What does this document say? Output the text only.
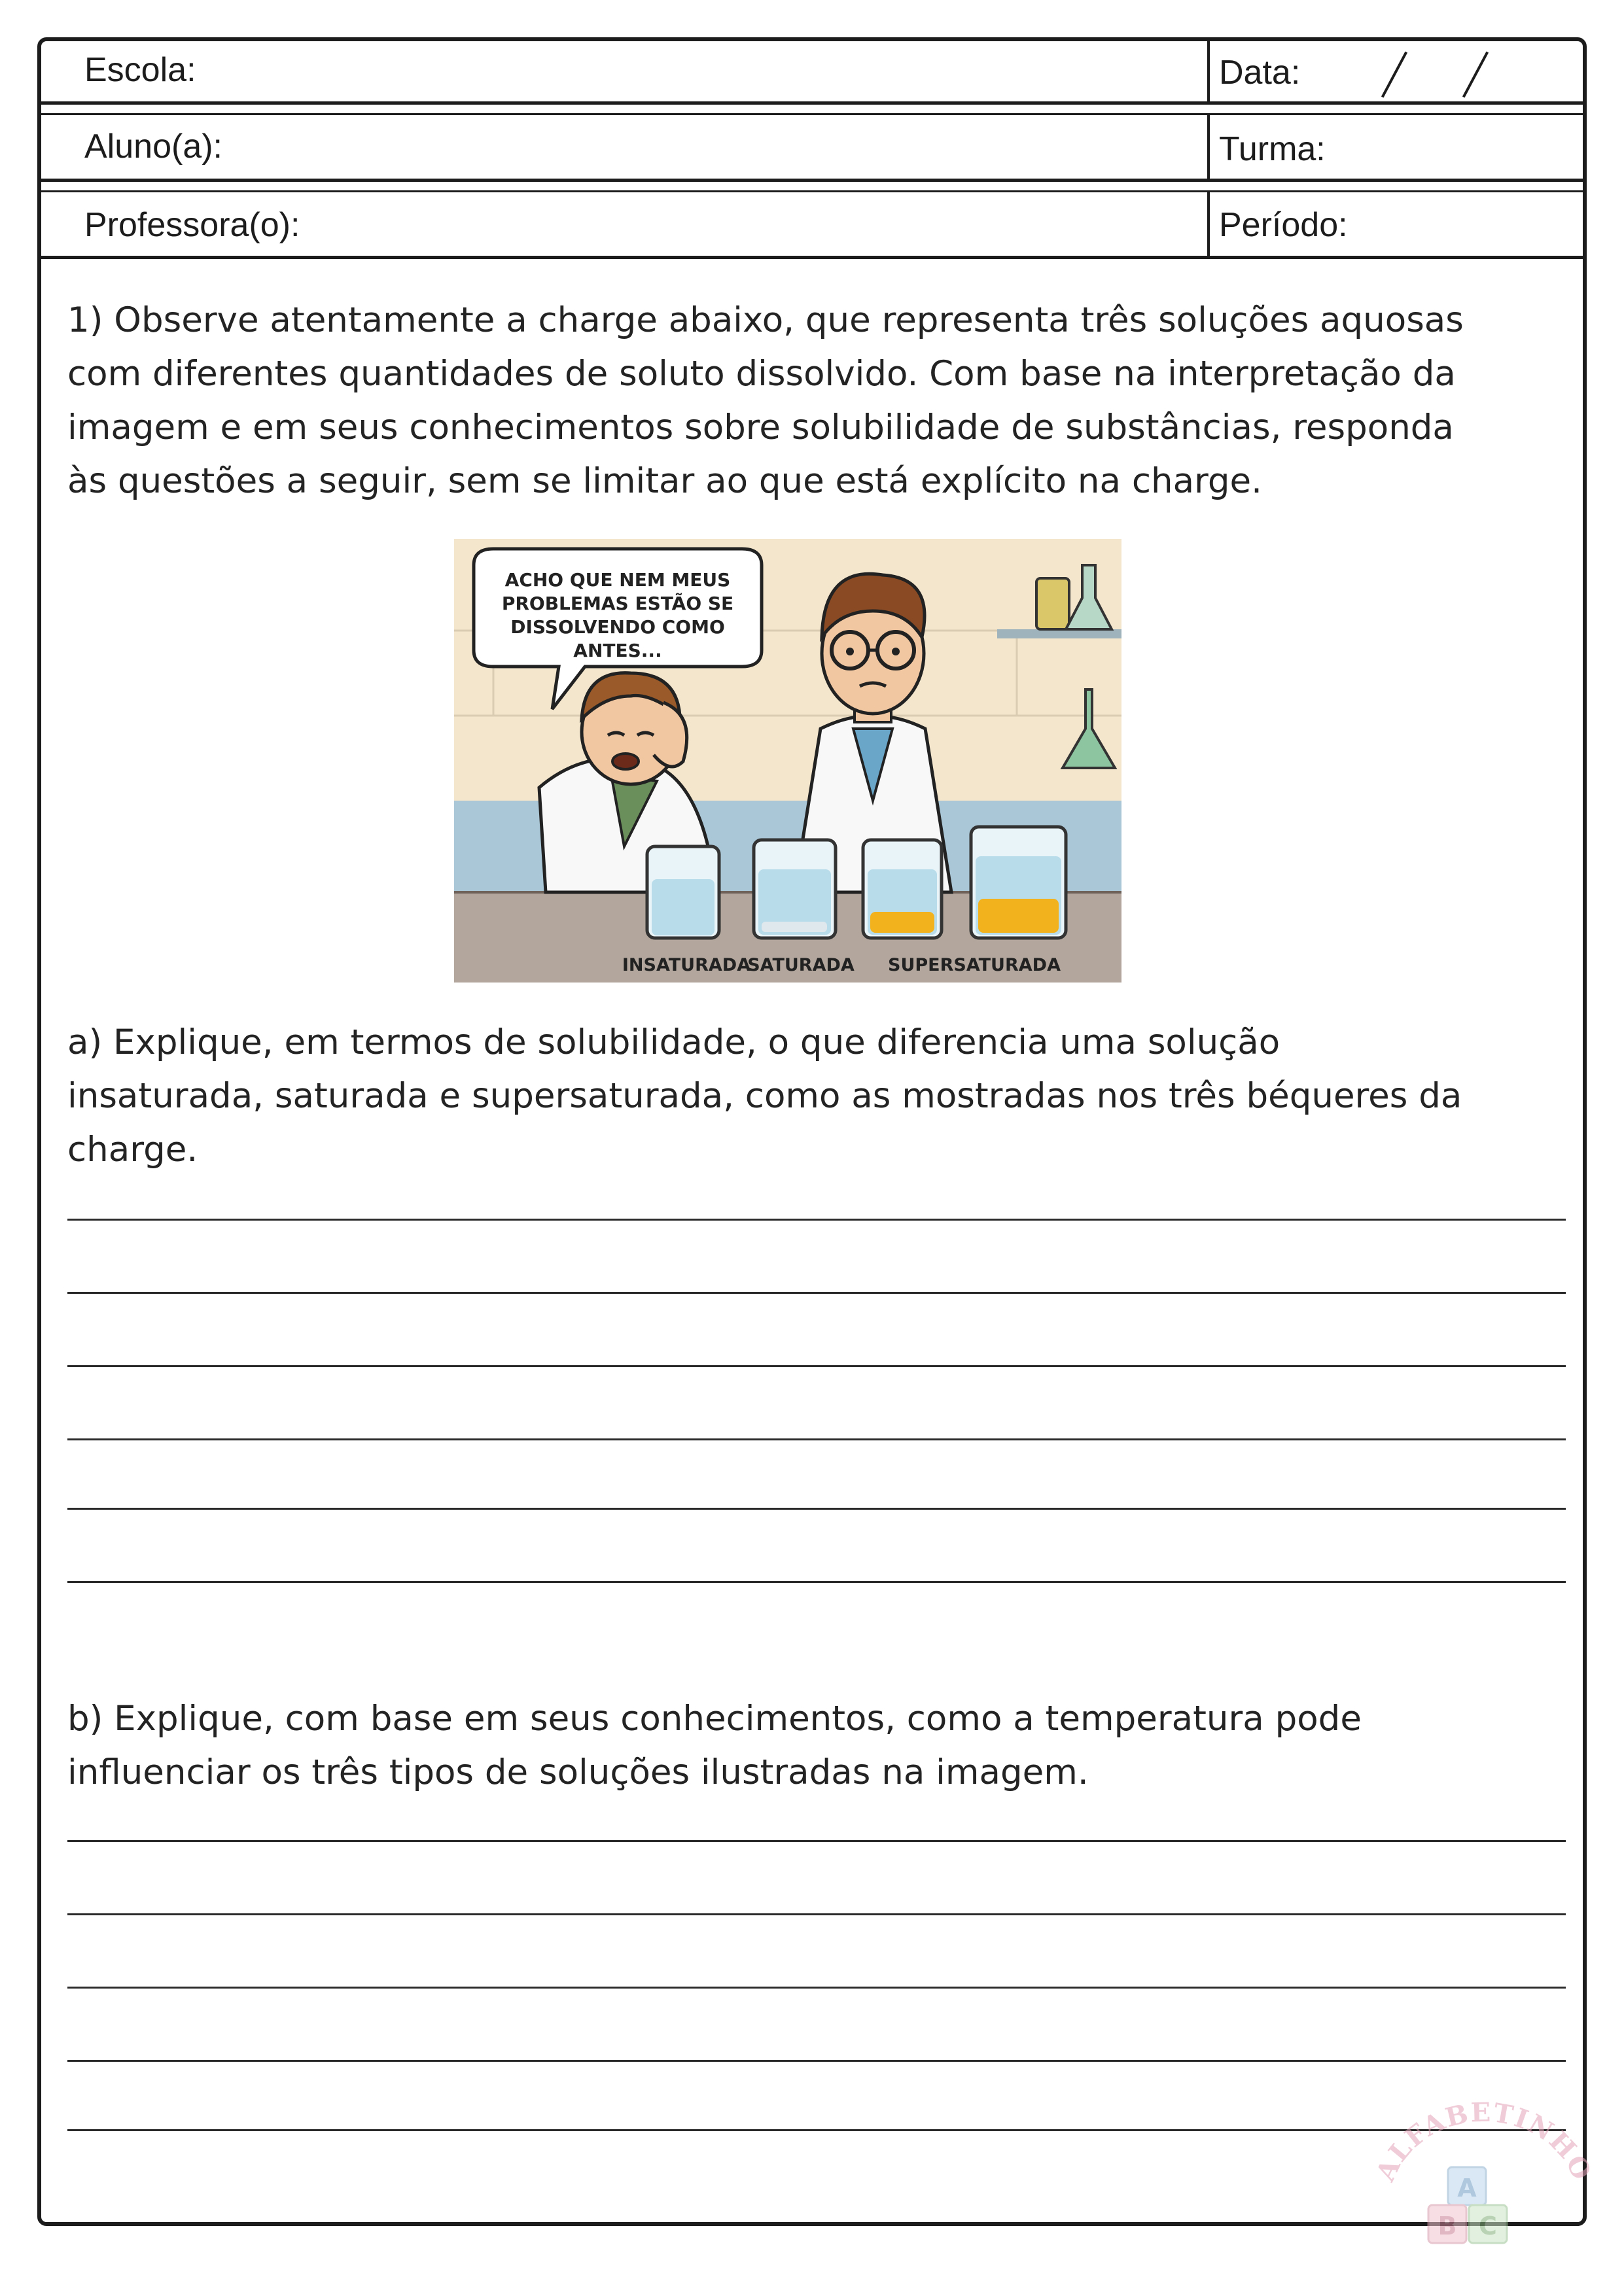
Escola:	Data:
Aluno(a):	Turma:
Professora(o):	Período:
1) Observe atentamente a charge abaixo, que representa três soluções aquosas
com diferentes quantidades de soluto dissolvido. Com base na interpretação da
imagem e em seus conhecimentos sobre solubilidade de substâncias, responda
às questões a seguir, sem se limitar ao que está explícito na charge.
ACHO QUE NEM MEUS
PROBLEMAS ESTÃO SE
DISSOLVENDO COMO
ANTES...
INSATURADA
SATURADA SUPERSATURADA
a) Explique, em termos de solubilidade, o que diferencia uma solução
insaturada, saturada e supersaturada, como as mostradas nos três béqueres da
charge.
b) Explique, com base em seus conhecimentos, como a temperatura pode
influenciar os três tipos de soluções ilustradas na imagem.
ALFABETINHO
A
B C
